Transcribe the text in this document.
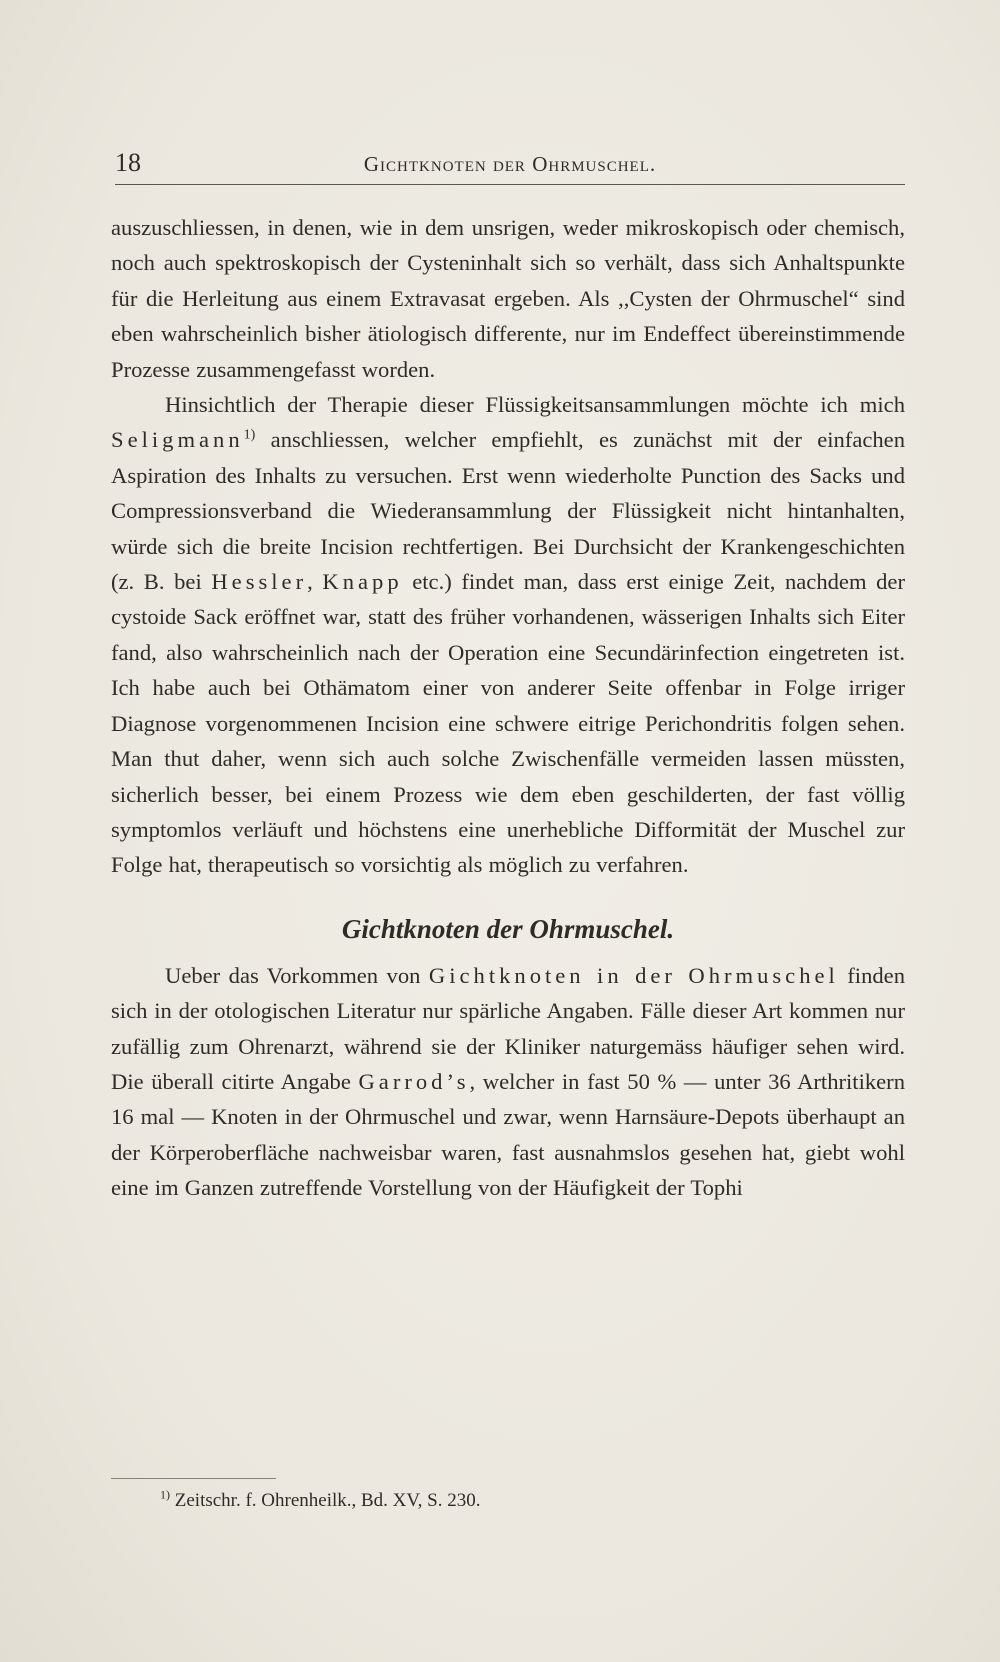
18	Gichtknoten der Ohrmuschel.

auszuschliessen, in denen, wie in dem unsrigen, weder mikroskopisch oder chemisch, noch auch spektroskopisch der Cysteninhalt sich so verhält, dass sich Anhaltspunkte für die Herleitung aus einem Extravasat ergeben. Als ,,Cysten der Ohrmuschel“ sind eben wahrscheinlich bisher ätiologisch differente, nur im Endeffect übereinstimmende Prozesse zusammengefasst worden.

Hinsichtlich der Therapie dieser Flüssigkeitsansammlungen möchte ich mich Seligmann$^{1)}$ anschliessen, welcher empfiehlt, es zunächst mit der einfachen Aspiration des Inhalts zu versuchen. Erst wenn wiederholte Punction des Sacks und Compressionsverband die Wiederansammlung der Flüssigkeit nicht hintanhalten, würde sich die breite Incision rechtfertigen. Bei Durchsicht der Krankengeschichten (z. B. bei Hessler, Knapp etc.) findet man, dass erst einige Zeit, nachdem der cystoide Sack eröffnet war, statt des früher vorhandenen, wässerigen Inhalts sich Eiter fand, also wahrscheinlich nach der Operation eine Secundärinfection eingetreten ist. Ich habe auch bei Othämatom einer von anderer Seite offenbar in Folge irriger Diagnose vorgenommenen Incision eine schwere eitrige Perichondritis folgen sehen. Man thut daher, wenn sich auch solche Zwischenfälle vermeiden lassen müssten, sicherlich besser, bei einem Prozess wie dem eben geschilderten, der fast völlig symptomlos verläuft und höchstens eine unerhebliche Difformität der Muschel zur Folge hat, therapeutisch so vorsichtig als möglich zu verfahren.

Gichtknoten der Ohrmuschel.

Ueber das Vorkommen von Gichtknoten in der Ohrmuschel finden sich in der otologischen Literatur nur spärliche Angaben. Fälle dieser Art kommen nur zufällig zum Ohrenarzt, während sie der Kliniker naturgemäss häufiger sehen wird. Die überall citirte Angabe Garrod’s, welcher in fast 50 % — unter 36 Arthritikern 16 mal — Knoten in der Ohrmuschel und zwar, wenn Harnsäure-Depots überhaupt an der Körperoberfläche nachweisbar waren, fast ausnahmslos gesehen hat, giebt wohl eine im Ganzen zutreffende Vorstellung von der Häufigkeit der Tophi

$^{1)}$ Zeitschr. f. Ohrenheilk., Bd. XV, S. 230.
